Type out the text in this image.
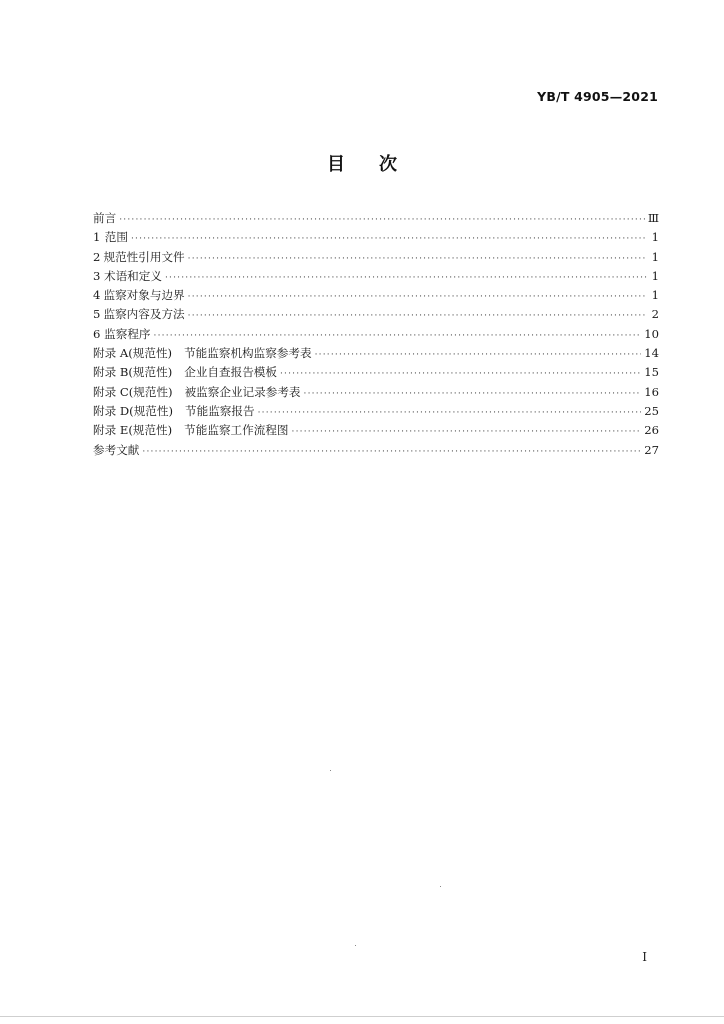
YB/T 4905—2021
目 次
前言 ·····	Ⅲ
1 范围 ·····	1
2 规范性引用文件 ·····	1
3 术语和定义 ·····	1
4 监察对象与边界 ·····	1
5 监察内容及方法 ·····	2
6 监察程序 ·····	10
附录 A(规范性) 节能监察机构监察参考表 ·····	14
附录 B(规范性) 企业自查报告模板 ·····	15
附录 C(规范性) 被监察企业记录参考表 ·····	16
附录 D(规范性) 节能监察报告 ·····	25
附录 E(规范性) 节能监察工作流程图 ·····	26
参考文献 ·····	27
I
